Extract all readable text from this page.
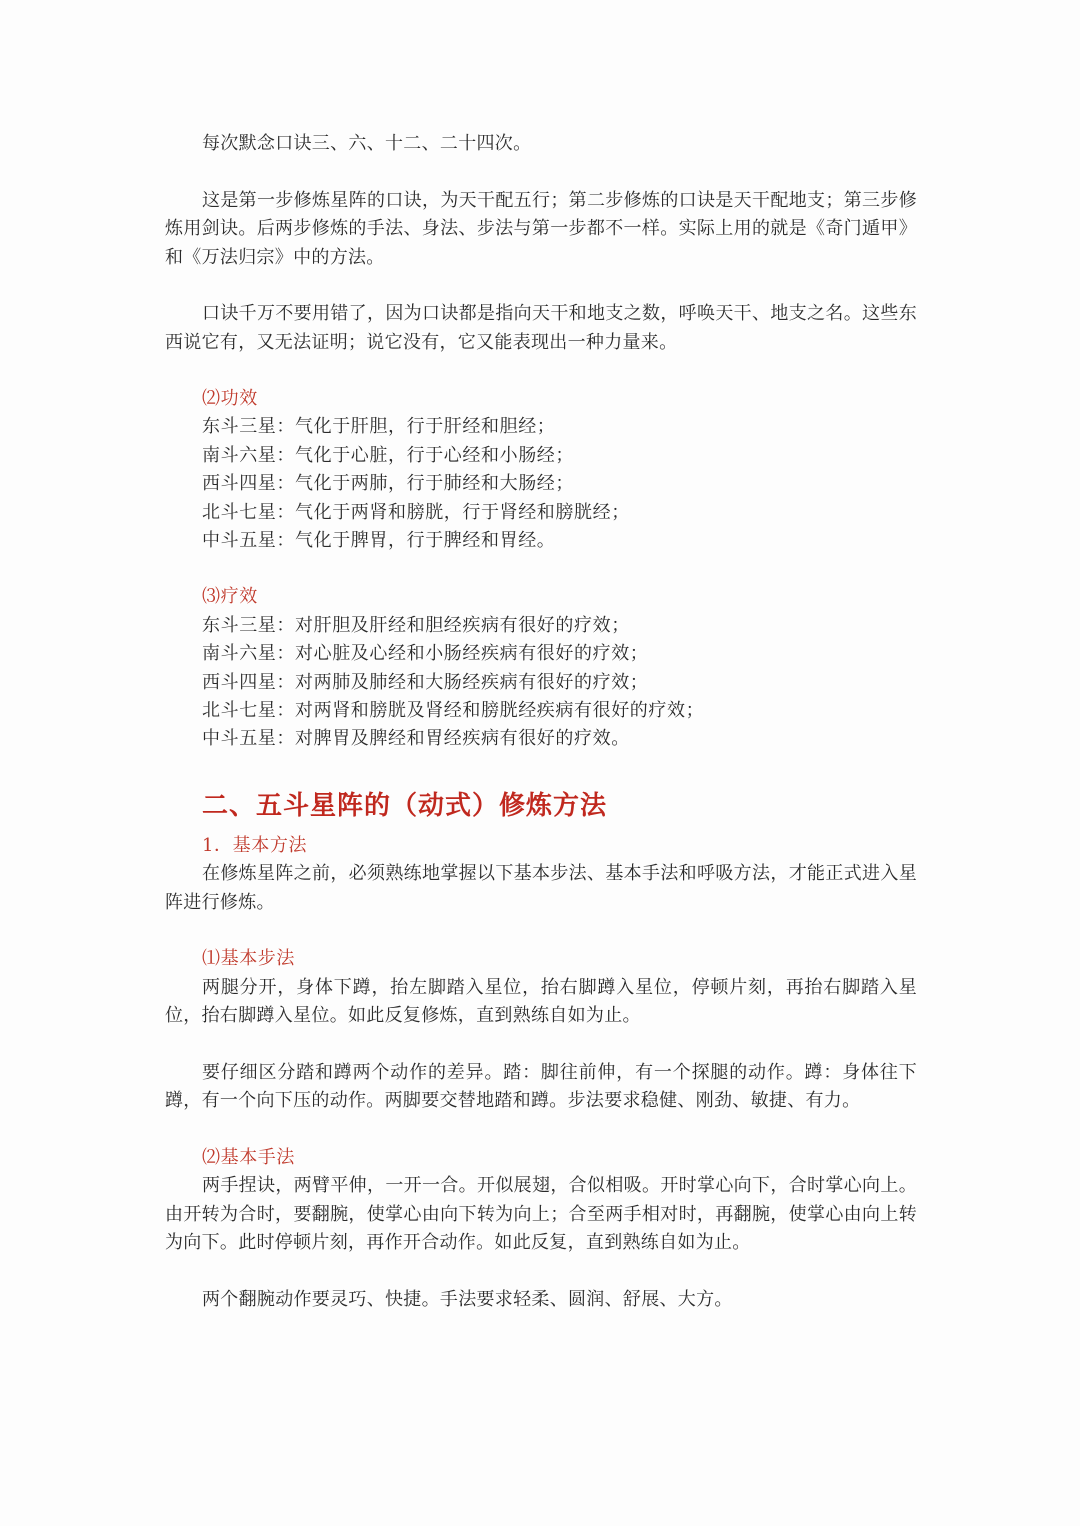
每次默念口诀三、六、十二、二十四次。

这是第一步修炼星阵的口诀，为天干配五行；第二步修炼的口诀是天干配地支；第三步修炼用剑诀。后两步修炼的手法、身法、步法与第一步都不一样。实际上用的就是《奇门遁甲》和《万法归宗》中的方法。

口诀千万不要用错了，因为口诀都是指向天干和地支之数，呼唤天干、地支之名。这些东西说它有，又无法证明；说它没有，它又能表现出一种力量来。

⑵功效

东斗三星：气化于肝胆，行于肝经和胆经；

南斗六星：气化于心脏，行于心经和小肠经；

西斗四星：气化于两肺，行于肺经和大肠经；

北斗七星：气化于两肾和膀胱，行于肾经和膀胱经；

中斗五星：气化于脾胃，行于脾经和胃经。

⑶疗效

东斗三星：对肝胆及肝经和胆经疾病有很好的疗效；

南斗六星：对心脏及心经和小肠经疾病有很好的疗效；

西斗四星：对两肺及肺经和大肠经疾病有很好的疗效；

北斗七星：对两肾和膀胱及肾经和膀胱经疾病有很好的疗效；

中斗五星：对脾胃及脾经和胃经疾病有很好的疗效。

二、五斗星阵的（动式）修炼方法

1．基本方法

在修炼星阵之前，必须熟练地掌握以下基本步法、基本手法和呼吸方法，才能正式进入星阵进行修炼。

⑴基本步法

两腿分开，身体下蹲，抬左脚踏入星位，抬右脚蹲入星位，停顿片刻，再抬右脚踏入星位，抬右脚蹲入星位。如此反复修炼，直到熟练自如为止。

要仔细区分踏和蹲两个动作的差异。踏：脚往前伸，有一个探腿的动作。蹲：身体往下蹲，有一个向下压的动作。两脚要交替地踏和蹲。步法要求稳健、刚劲、敏捷、有力。

⑵基本手法

两手捏诀，两臂平伸，一开一合。开似展翅，合似相吸。开时掌心向下，合时掌心向上。由开转为合时，要翻腕，使掌心由向下转为向上；合至两手相对时，再翻腕，使掌心由向上转为向下。此时停顿片刻，再作开合动作。如此反复，直到熟练自如为止。

两个翻腕动作要灵巧、快捷。手法要求轻柔、圆润、舒展、大方。
